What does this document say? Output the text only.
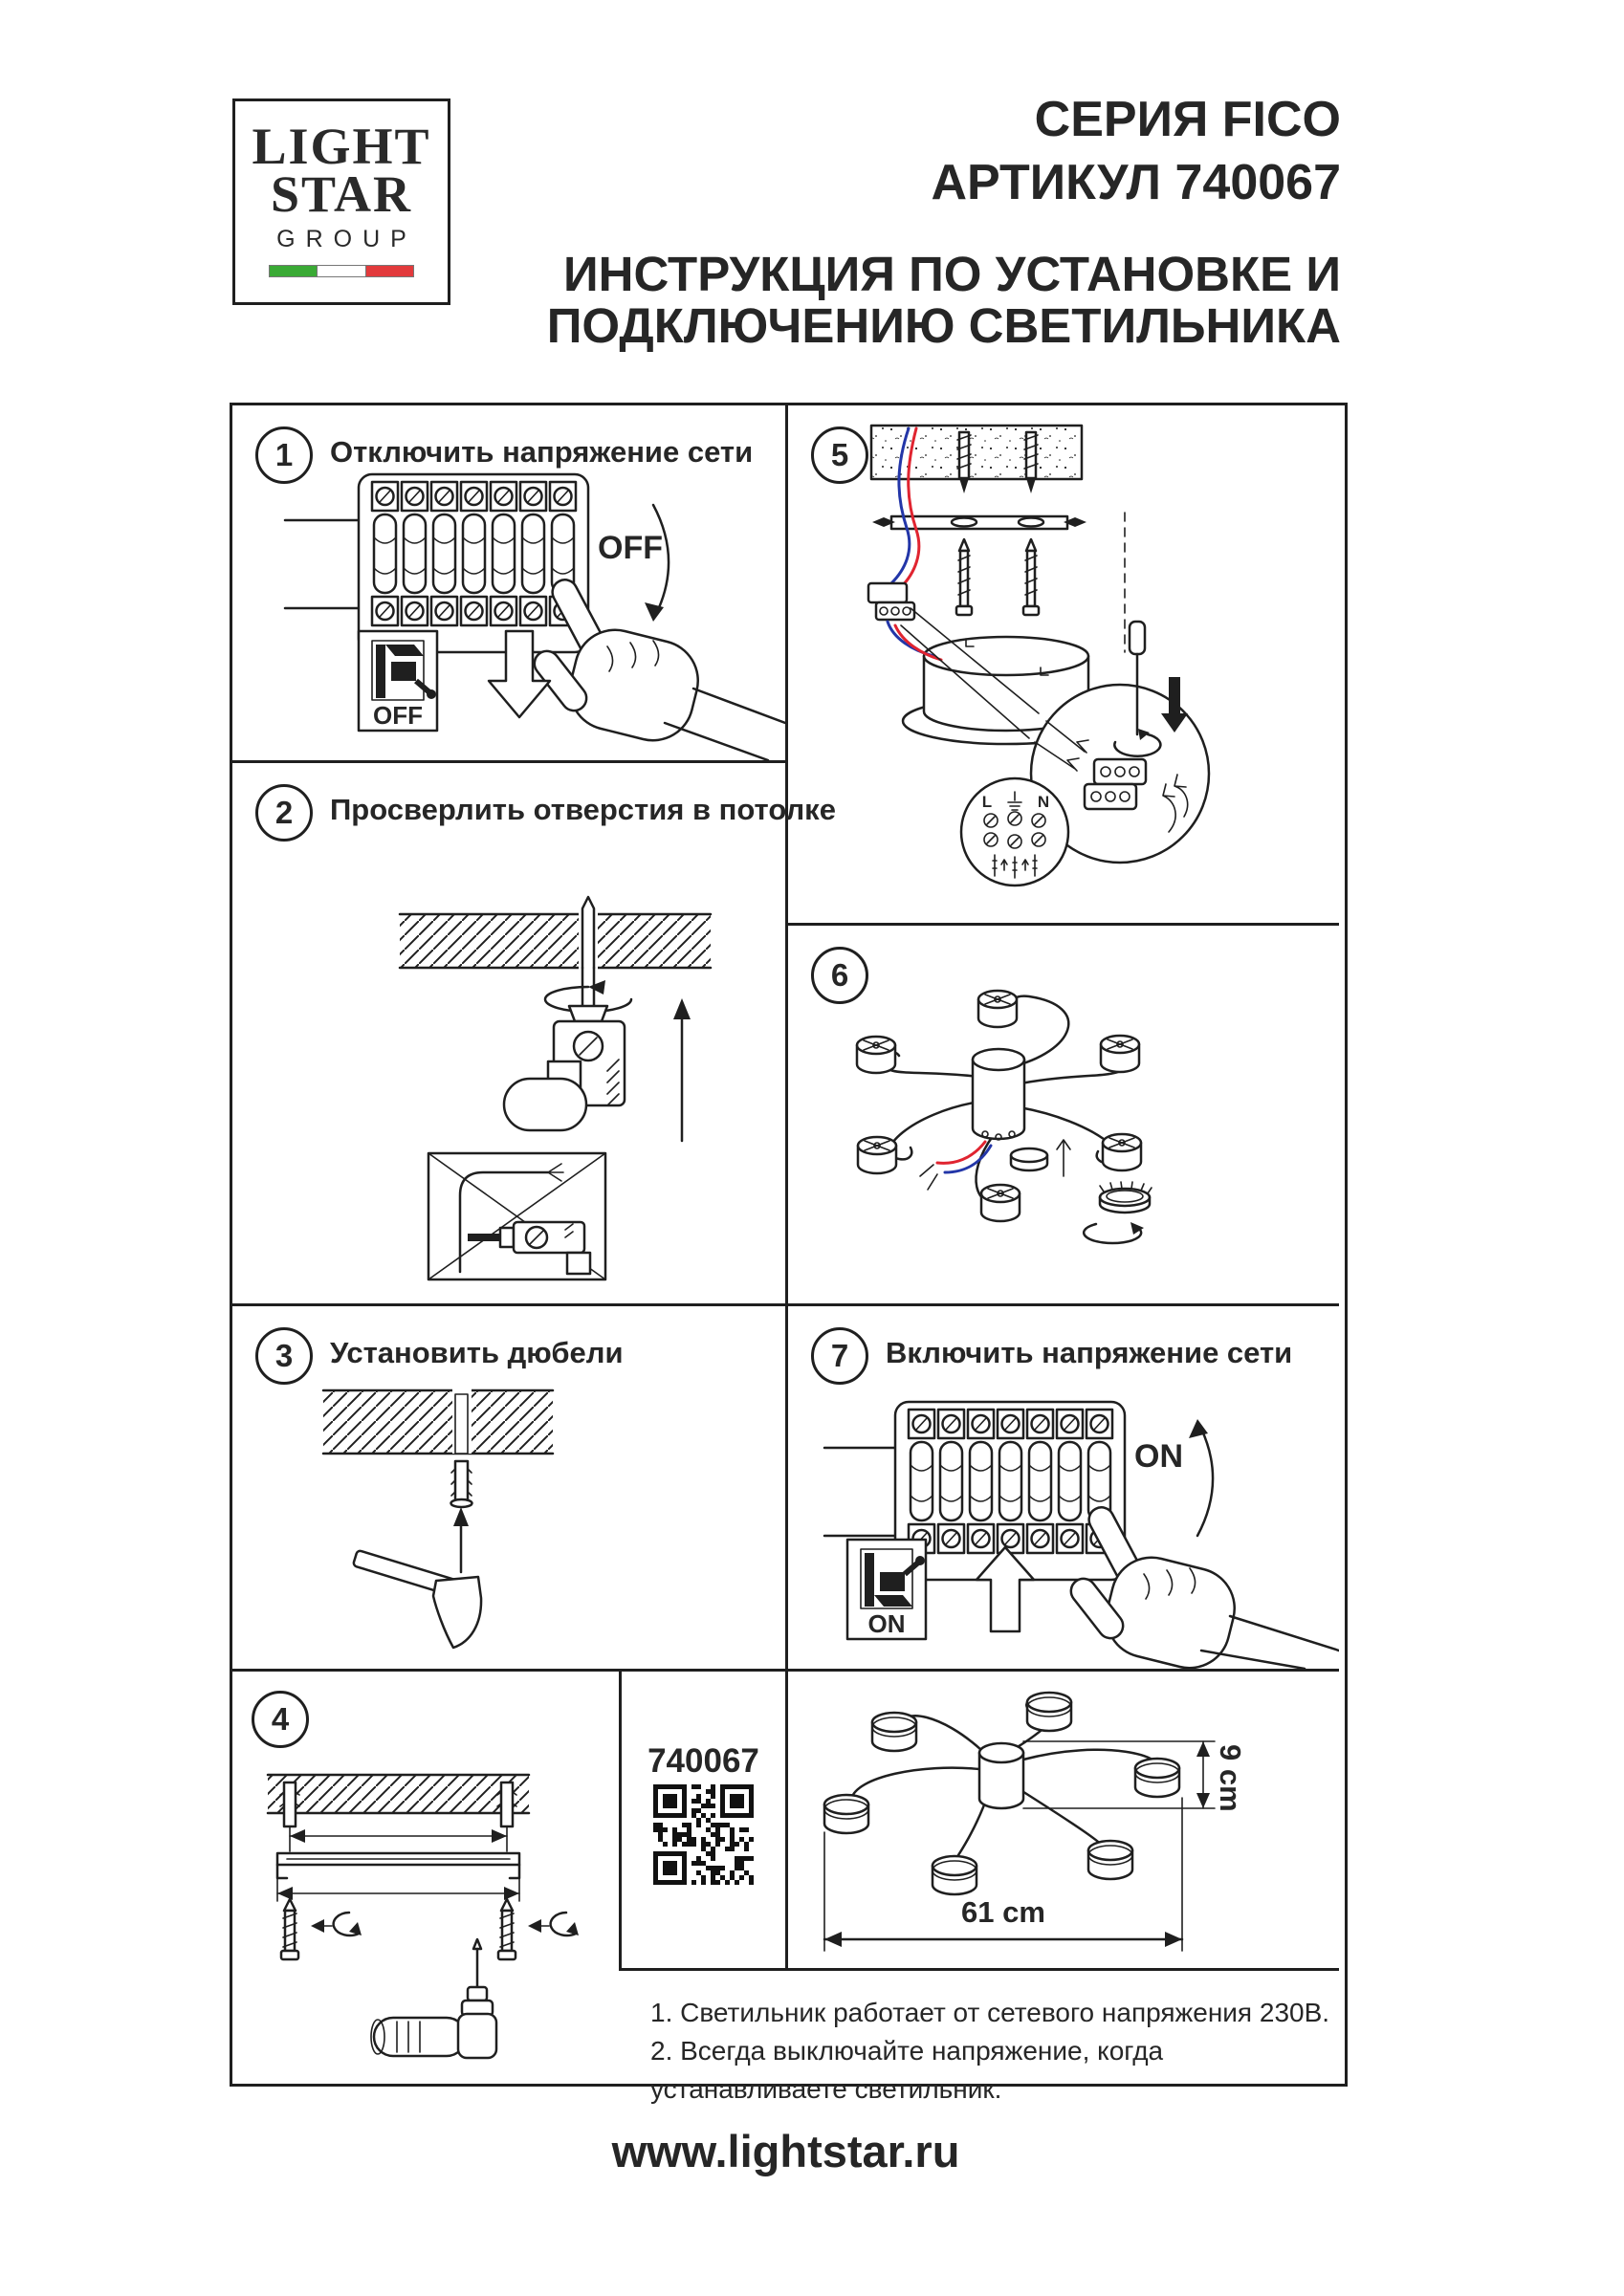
LIGHT
STAR
GROUP
СЕРИЯ FICO
АРТИКУЛ 740067
ИНСТРУКЦИЯ ПО УСТАНОВКЕ И
ПОДКЛЮЧЕНИЮ СВЕТИЛЬНИКА
OFF
OFF
1	Отключить напряжение сети
2	Просверлить отверстия в потолке
3	Установить дюбели
4
740067
L	N
5
6
ON
ON
7	Включить напряжение сети
9 cm
61 cm
1. Светильник работает от сетевого напряжения 230В.
2. Всегда выключайте напряжение, когда устанавливаете светильник.
www.lightstar.ru
